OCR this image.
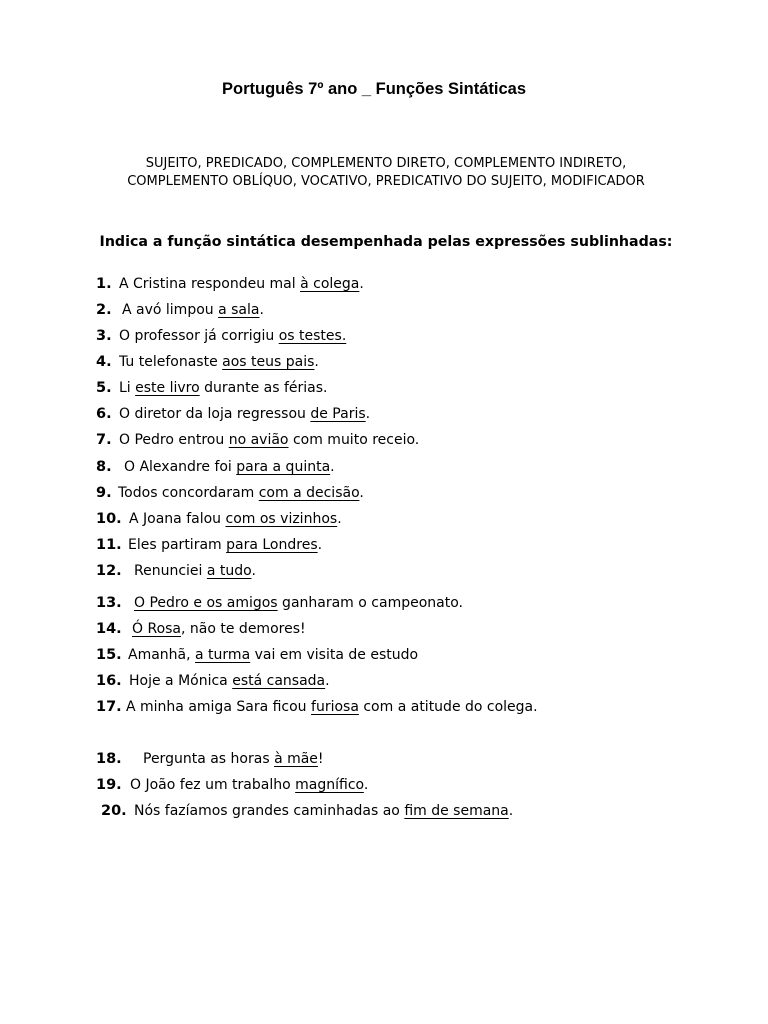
Português 7º ano _ Funções Sintáticas
SUJEITO, PREDICADO, COMPLEMENTO DIRETO, COMPLEMENTO INDIRETO,
COMPLEMENTO OBLÍQUO, VOCATIVO, PREDICATIVO DO SUJEITO, MODIFICADOR
Indica a função sintática desempenhada pelas expressões sublinhadas:
1. A Cristina respondeu mal à colega.
2. A avó limpou a sala.
3. O professor já corrigiu os testes.
4. Tu telefonaste aos teus pais.
5. Li este livro durante as férias.
6. O diretor da loja regressou de Paris.
7. O Pedro entrou no avião com muito receio.
8. O Alexandre foi para a quinta.
9. Todos concordaram com a decisão.
10. A Joana falou com os vizinhos.
11. Eles partiram para Londres.
12. Renunciei a tudo.
13. O Pedro e os amigos ganharam o campeonato.
14. Ó Rosa, não te demores!
15. Amanhã, a turma vai em visita de estudo
16. Hoje a Mónica está cansada.
17. A minha amiga Sara ficou furiosa com a atitude do colega.
18. Pergunta as horas à mãe!
19. O João fez um trabalho magnífico.
20. Nós fazíamos grandes caminhadas ao fim de semana.
